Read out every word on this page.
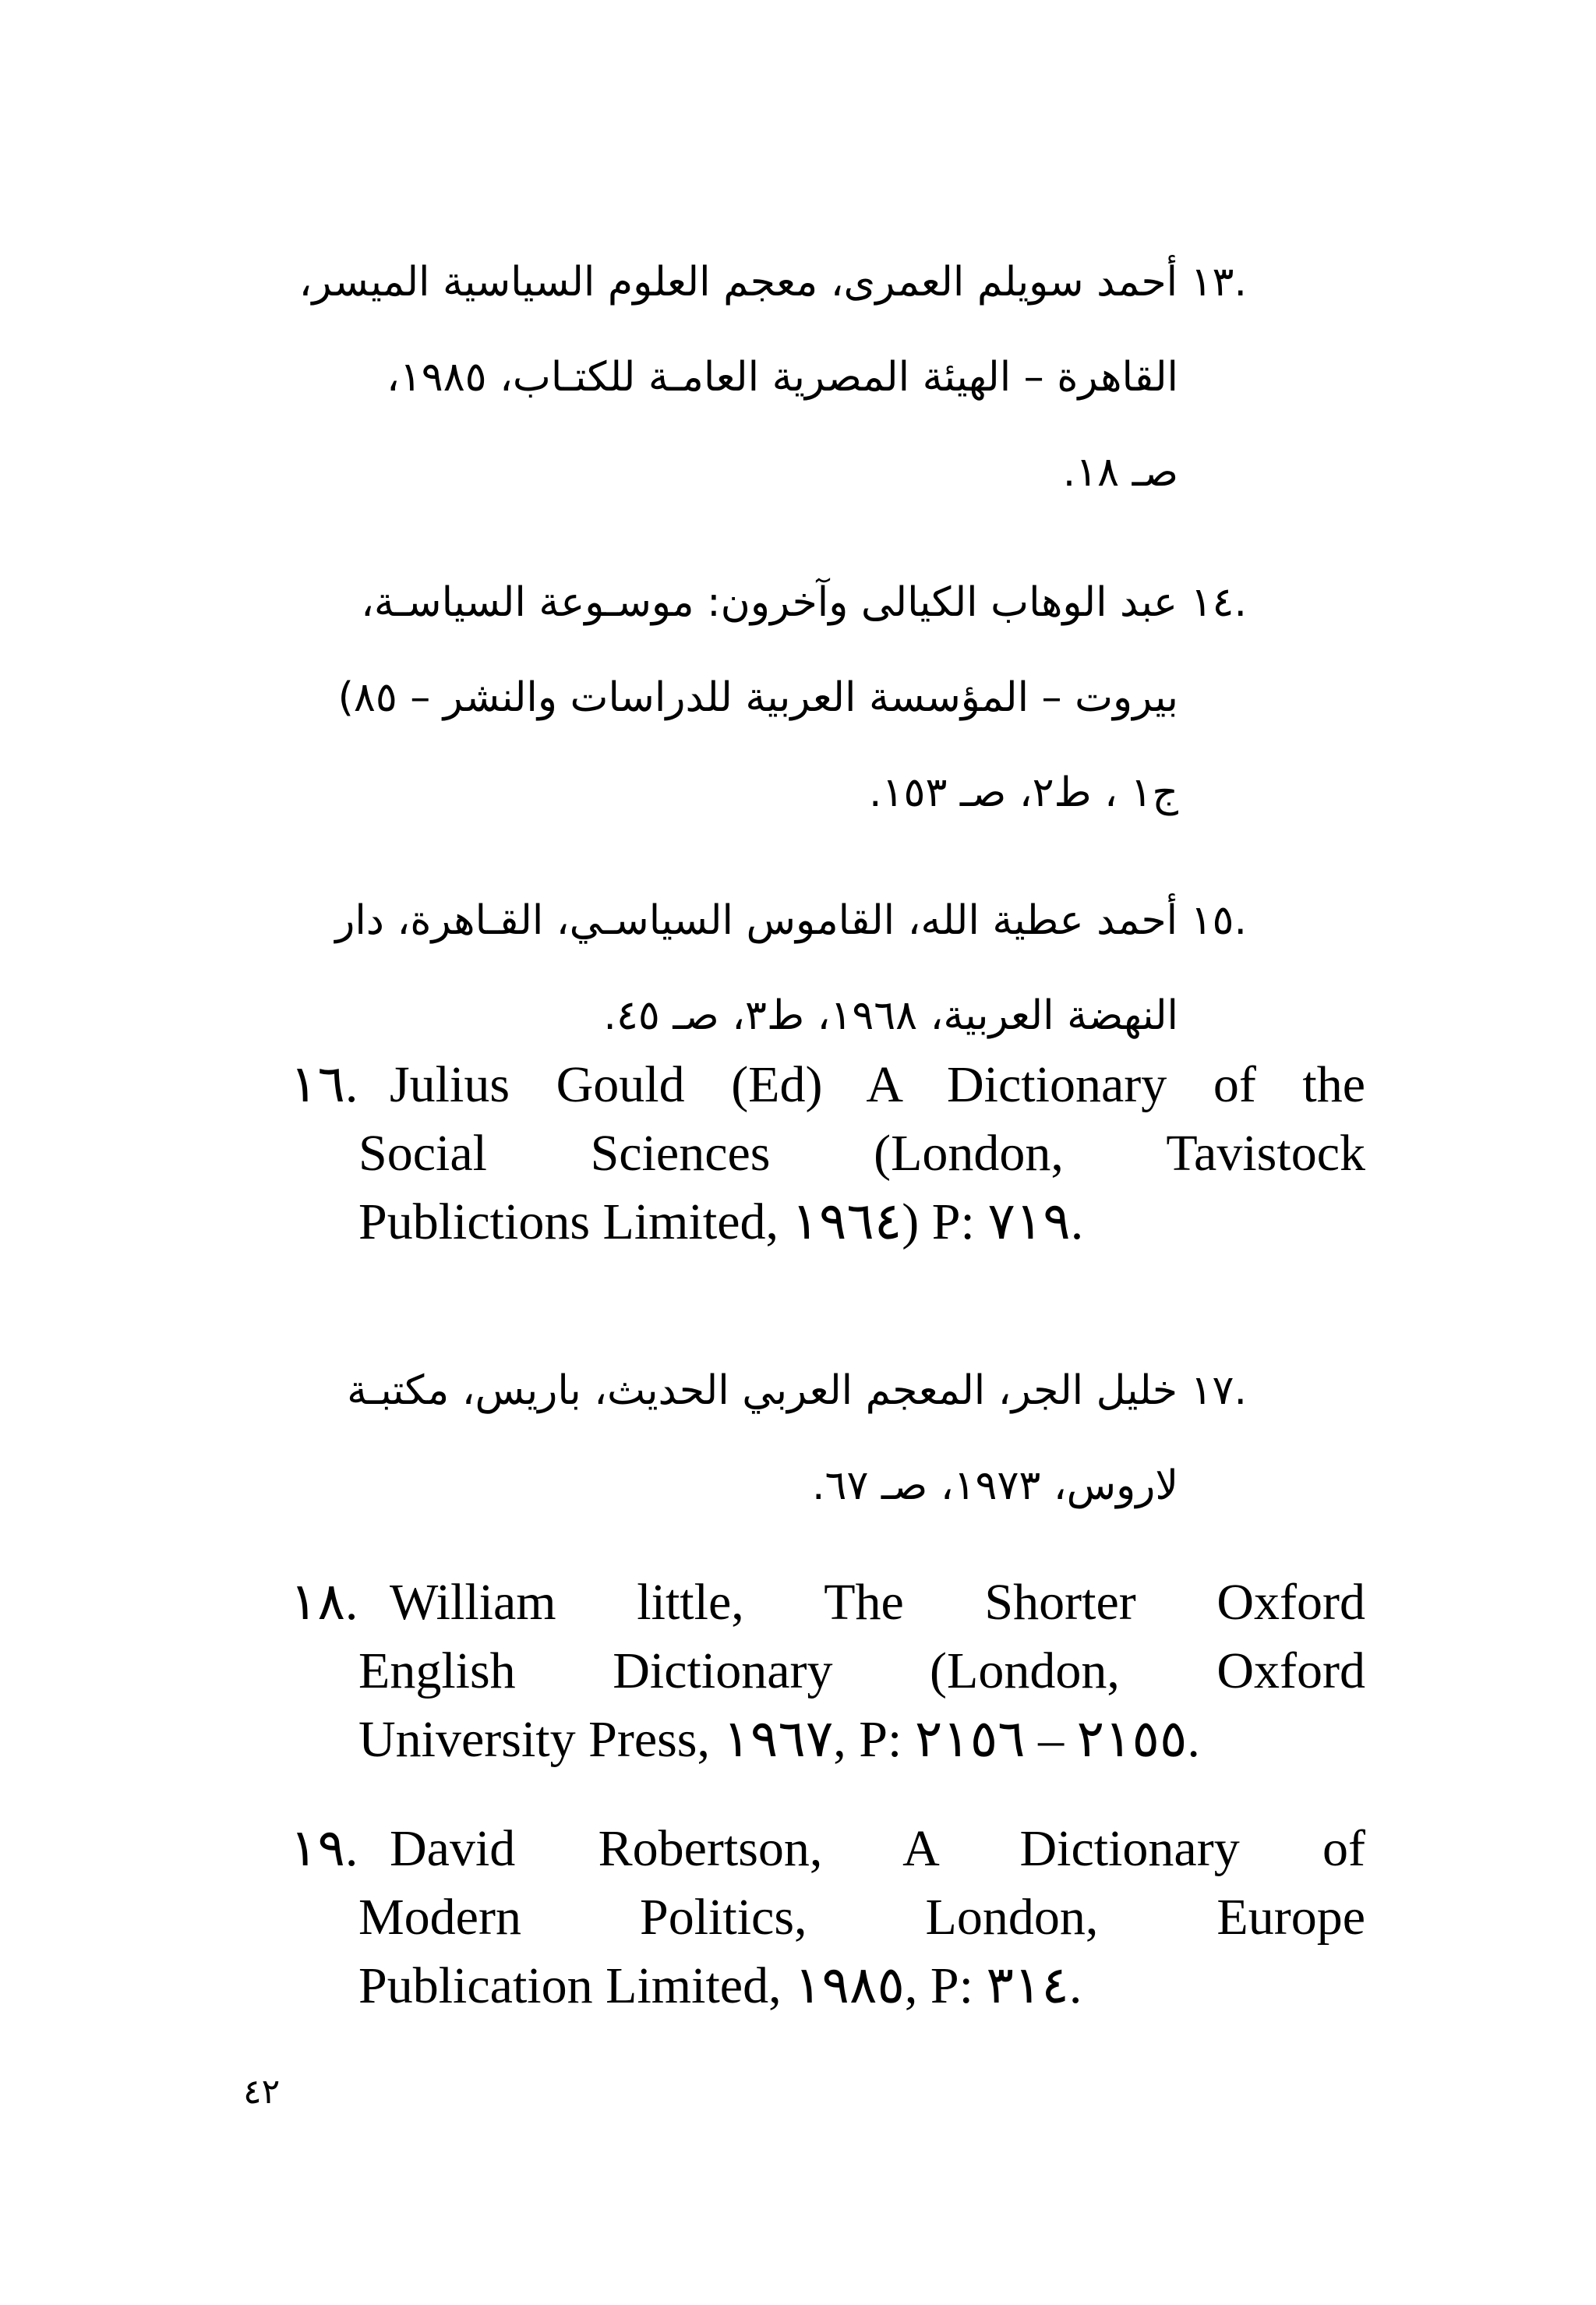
.١٣ أحمد سويلم العمرى، معجم العلوم السياسية الميسر،
القاهرة – الهيئة المصرية العامـة للكتـاب، ١٩٨٥،
صـ ١٨.
.١٤ عبد الوهاب الكيالى وآخرون: موسـوعة السياسـة،
بيروت – المؤسسة العربية للدراسات والنشر – ٨٥)
ج١ ، ط٢، صـ ١٥٣.
.١٥ أحمد عطية الله، القاموس السياسـي، القـاهرة، دار
النهضة العربية، ١٩٦٨، ط٣، صـ ٤٥.
١٦. Julius Gould (Ed) A Dictionary of the
Social Sciences (London, Tavistock
Publictions Limited, ١٩٦٤) P: ٧١٩.
.١٧ خليل الجر، المعجم العربي الحديث، باريس، مكتبـة
لاروس، ١٩٧٣، صـ ٦٧.
١٨. William little, The Shorter Oxford
English Dictionary (London, Oxford
University Press, ١٩٦٧, P: ٢١٥٥ – ٢١٥٦.
١٩. David Robertson, A Dictionary of
Modern Politics, London, Europe
Publication Limited, ١٩٨٥, P: ٣١٤.
٤٢
